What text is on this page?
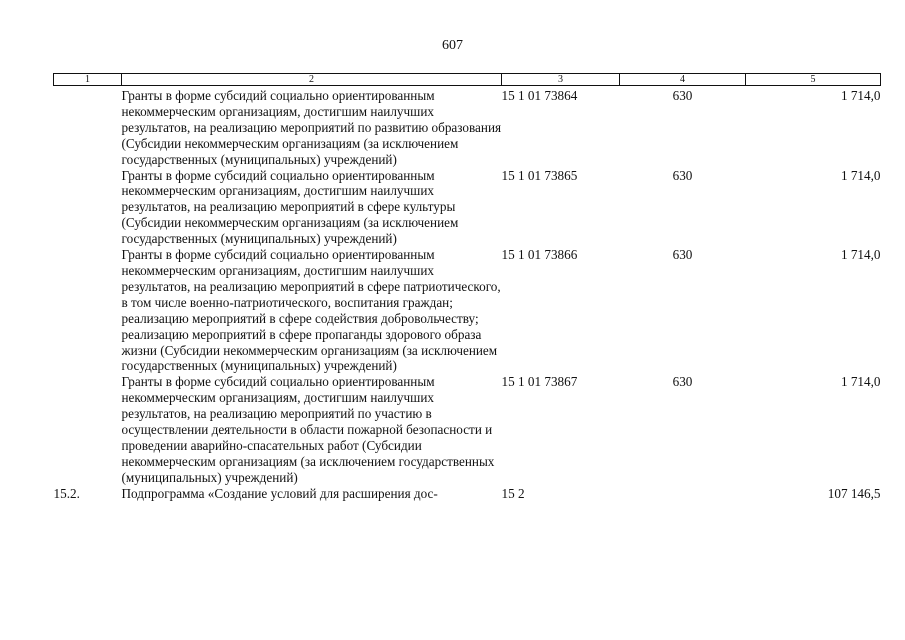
607
1	2	3	4	5
	Гранты в форме субсидий социально ориентированным некоммерческим организациям, достигшим наилучших результатов, на реализацию мероприятий по развитию образования (Субсидии некоммерческим организациям (за исключением государственных (муниципальных) учреждений)	15 1 01 73864	630	1 714,0
	Гранты в форме субсидий социально ориентированным некоммерческим организациям, достигшим наилучших результатов, на реализацию мероприятий в сфере культуры (Субсидии некоммерческим организациям (за исключением государственных (муниципальных) учреждений)	15 1 01 73865	630	1 714,0
	Гранты в форме субсидий социально ориентированным некоммерческим организациям, достигшим наилучших результатов, на реализацию мероприятий в сфере патриотического, в том числе военно-патриотического, воспитания граждан; реализацию мероприятий в сфере содействия добровольчеству; реализацию мероприятий в сфере пропаганды здорового образа жизни (Субсидии некоммерческим организациям (за исключением государственных (муниципальных) учреждений)	15 1 01 73866	630	1 714,0
	Гранты в форме субсидий социально ориентированным некоммерческим организациям, достигшим наилучших результатов, на реализацию мероприятий по участию в осуществлении деятельности в области пожарной безопасности и проведении аварийно-спасательных работ (Субсидии некоммерческим организациям (за исключением государственных (муниципальных) учреждений)	15 1 01 73867	630	1 714,0
15.2.	Подпрограмма «Создание условий для расширения дос-	15 2		107 146,5
